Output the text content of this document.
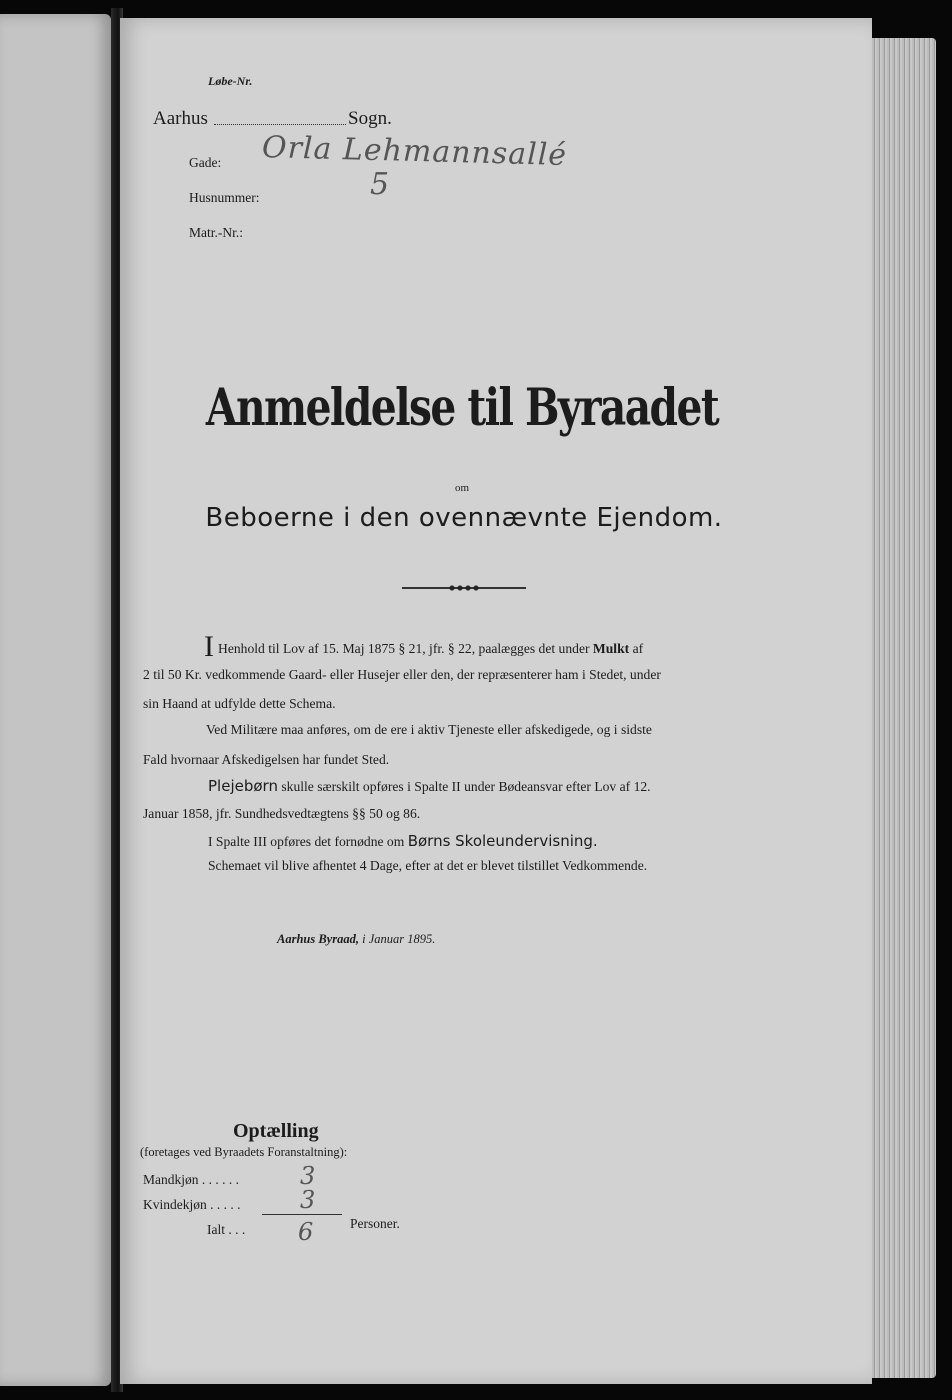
Løbe-Nr.
Aarhus	Sogn.
Gade: Orla Lehmannsallé
Husnummer:	5
Matr.-Nr.:
Anmeldelse til Byraadet
om
Beboerne i den ovennævnte Ejendom.
I Henhold til Lov af 15. Maj 1875 § 21, jfr. § 22, paalægges det under Mulkt af
2 til 50 Kr. vedkommende Gaard- eller Husejer eller den, der repræsenterer ham i Stedet, under
sin Haand at udfylde dette Schema.
Ved Militære maa anføres, om de ere i aktiv Tjeneste eller afskedigede, og i sidste
Fald hvornaar Afskedigelsen har fundet Sted.
Plejebørn skulle særskilt opføres i Spalte II under Bødeansvar efter Lov af 12.
Januar 1858, jfr. Sundhedsvedtægtens §§ 50 og 86.
I Spalte III opføres det fornødne om Børns Skoleundervisning.
Schemaet vil blive afhentet 4 Dage, efter at det er blevet tilstillet Vedkommende.
Aarhus Byraad, i Januar 1895.
Optælling
(foretages ved Byraadets Foranstaltning):
Mandkjøn . . . . . .	3
Kvindekjøn . . . . . 3
Ialt . . . 6	Personer.
